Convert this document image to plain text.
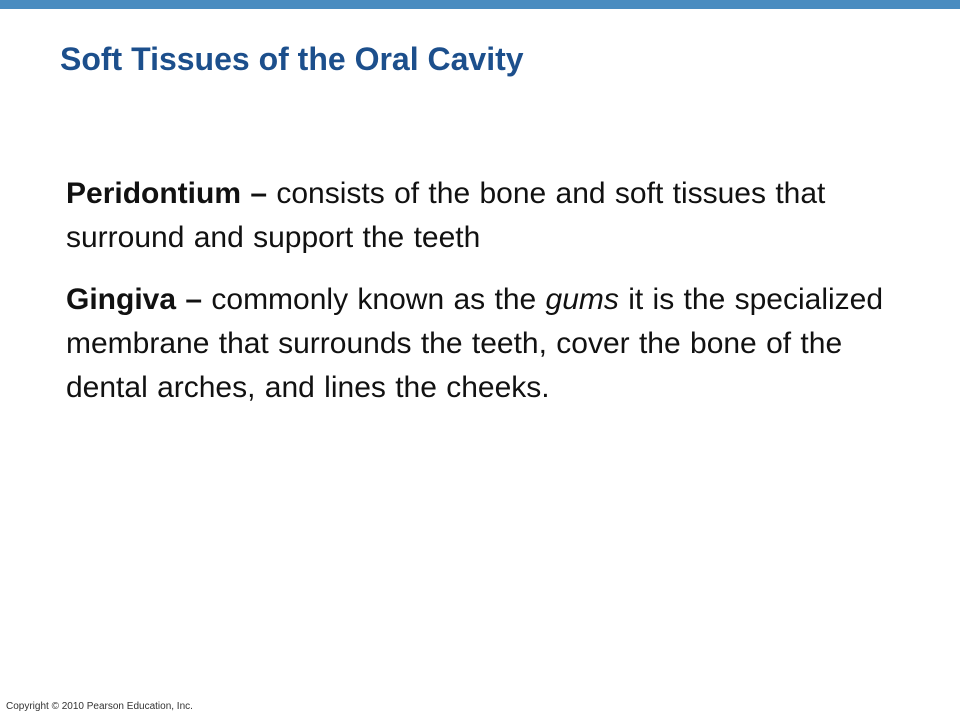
Soft Tissues of the Oral Cavity

Peridontium – consists of the bone and soft tissues that surround and support the teeth

Gingiva – commonly known as the gums it is the specialized membrane that surrounds the teeth, cover the bone of the dental arches, and lines the cheeks.

Copyright © 2010 Pearson Education, Inc.
